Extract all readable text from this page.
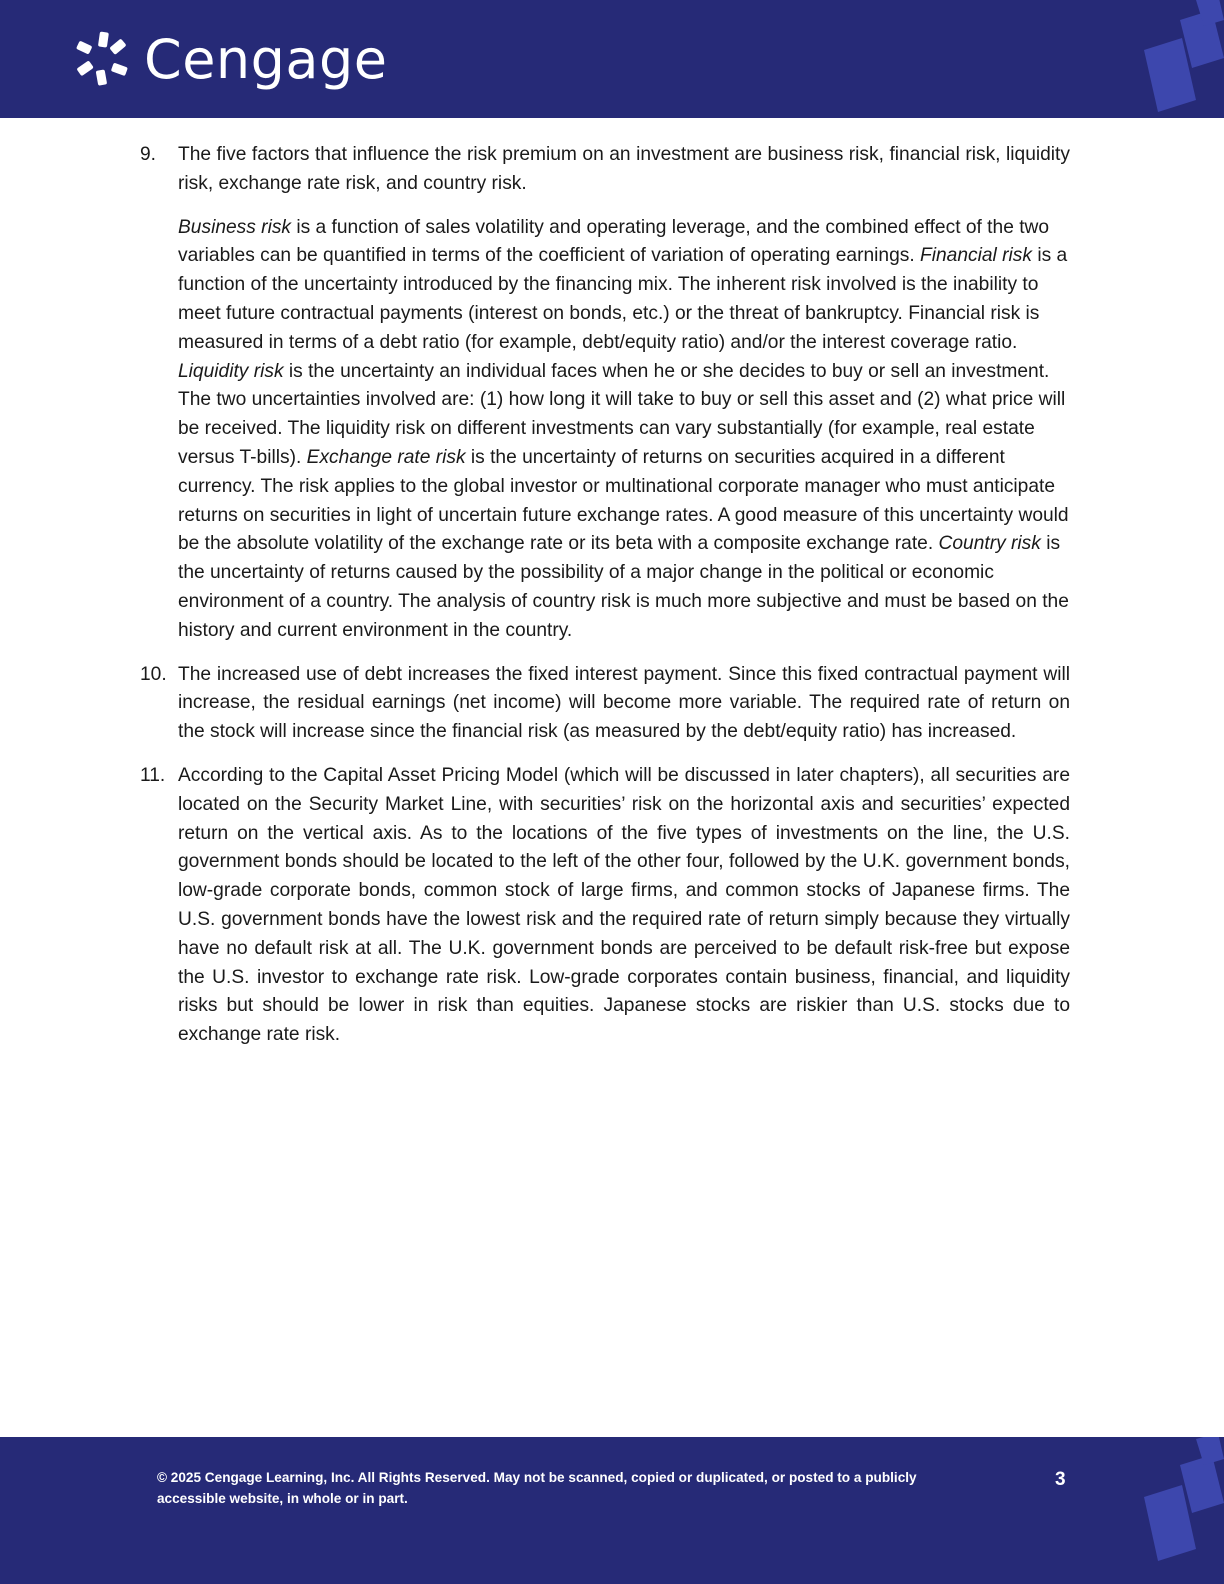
Cengage
9. The five factors that influence the risk premium on an investment are business risk, financial risk, liquidity risk, exchange rate risk, and country risk.

Business risk is a function of sales volatility and operating leverage, and the combined effect of the two variables can be quantified in terms of the coefficient of variation of operating earnings. Financial risk is a function of the uncertainty introduced by the financing mix. The inherent risk involved is the inability to meet future contractual payments (interest on bonds, etc.) or the threat of bankruptcy. Financial risk is measured in terms of a debt ratio (for example, debt/equity ratio) and/or the interest coverage ratio. Liquidity risk is the uncertainty an individual faces when he or she decides to buy or sell an investment. The two uncertainties involved are: (1) how long it will take to buy or sell this asset and (2) what price will be received. The liquidity risk on different investments can vary substantially (for example, real estate versus T-bills). Exchange rate risk is the uncertainty of returns on securities acquired in a different currency. The risk applies to the global investor or multinational corporate manager who must anticipate returns on securities in light of uncertain future exchange rates. A good measure of this uncertainty would be the absolute volatility of the exchange rate or its beta with a composite exchange rate. Country risk is the uncertainty of returns caused by the possibility of a major change in the political or economic environment of a country. The analysis of country risk is much more subjective and must be based on the history and current environment in the country.

10. The increased use of debt increases the fixed interest payment. Since this fixed contractual payment will increase, the residual earnings (net income) will become more variable. The required rate of return on the stock will increase since the financial risk (as measured by the debt/equity ratio) has increased.

11. According to the Capital Asset Pricing Model (which will be discussed in later chapters), all securities are located on the Security Market Line, with securities’ risk on the horizontal axis and securities’ expected return on the vertical axis. As to the locations of the five types of investments on the line, the U.S. government bonds should be located to the left of the other four, followed by the U.K. government bonds, low-grade corporate bonds, common stock of large firms, and common stocks of Japanese firms. The U.S. government bonds have the lowest risk and the required rate of return simply because they virtually have no default risk at all. The U.K. government bonds are perceived to be default risk-free but expose the U.S. investor to exchange rate risk. Low-grade corporates contain business, financial, and liquidity risks but should be lower in risk than equities. Japanese stocks are riskier than U.S. stocks due to exchange rate risk.

© 2025 Cengage Learning, Inc. All Rights Reserved. May not be scanned, copied or duplicated, or posted to a publicly accessible website, in whole or in part.
3
